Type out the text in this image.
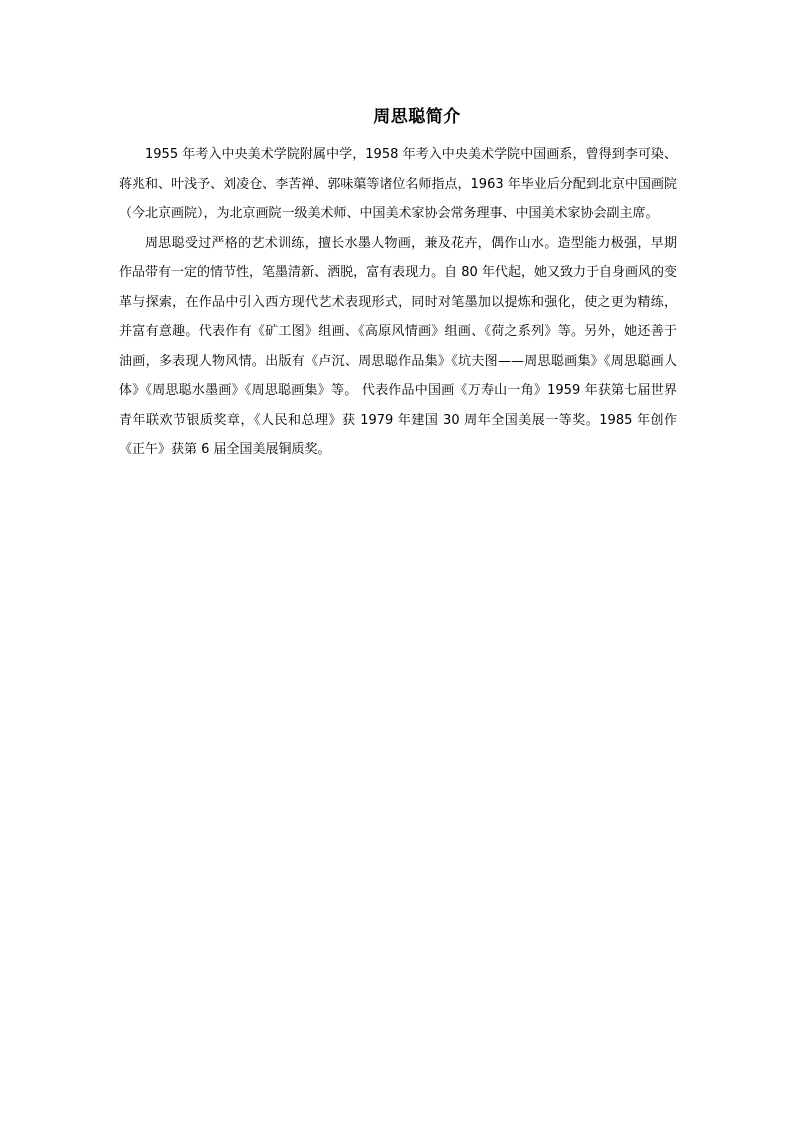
周思聪简介

1955 年考入中央美术学院附属中学，1958 年考入中央美术学院中国画系，曾得到李可染、蒋兆和、叶浅予、刘凌仓、李苦禅、郭味蕖等诸位名师指点，1963 年毕业后分配到北京中国画院（今北京画院），为北京画院一级美术师、中国美术家协会常务理事、中国美术家协会副主席。

周思聪受过严格的艺术训练，擅长水墨人物画，兼及花卉，偶作山水。造型能力极强，早期作品带有一定的情节性，笔墨清新、洒脱，富有表现力。自 80 年代起，她又致力于自身画风的变革与探索，在作品中引入西方现代艺术表现形式，同时对笔墨加以提炼和强化，使之更为精练，并富有意趣。代表作有《矿工图》组画、《高原风情画》组画、《荷之系列》等。另外，她还善于油画，多表现人物风情。出版有《卢沉、周思聪作品集》《坑夫图——周思聪画集》《周思聪画人体》《周思聪水墨画》《周思聪画集》等。 代表作品中国画《万寿山一角》1959 年获第七届世界青年联欢节银质奖章，《人民和总理》获 1979 年建国 30 周年全国美展一等奖。1985 年创作《正午》获第 6 届全国美展铜质奖。
